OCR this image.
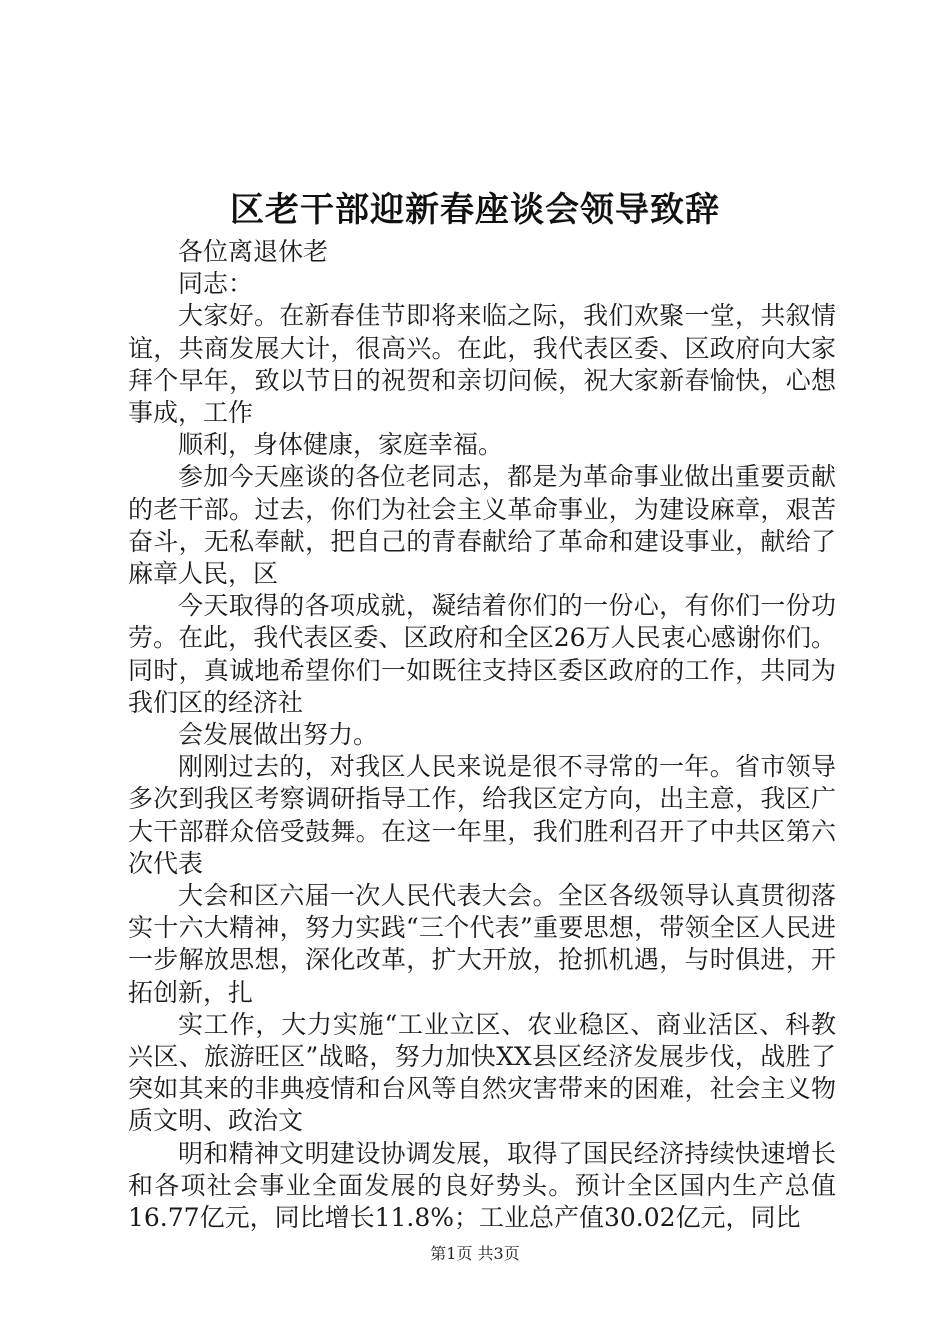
区老干部迎新春座谈会领导致辞

各位离退休老

同志：

大家好。在新春佳节即将来临之际，我们欢聚一堂，共叙情谊，共商发展大计，很高兴。在此，我代表区委、区政府向大家拜个早年，致以节日的祝贺和亲切问候，祝大家新春愉快，心想事成，工作

顺利，身体健康，家庭幸福。

参加今天座谈的各位老同志，都是为革命事业做出重要贡献的老干部。过去，你们为社会主义革命事业，为建设麻章，艰苦奋斗，无私奉献，把自己的青春献给了革命和建设事业，献给了麻章人民，区

今天取得的各项成就，凝结着你们的一份心，有你们一份功劳。在此，我代表区委、区政府和全区26万人民衷心感谢你们。同时，真诚地希望你们一如既往支持区委区政府的工作，共同为我们区的经济社

会发展做出努力。

刚刚过去的，对我区人民来说是很不寻常的一年。省市领导多次到我区考察调研指导工作，给我区定方向，出主意，我区广大干部群众倍受鼓舞。在这一年里，我们胜利召开了中共区第六次代表

大会和区六届一次人民代表大会。全区各级领导认真贯彻落实十六大精神，努力实践“三个代表”重要思想，带领全区人民进一步解放思想，深化改革，扩大开放，抢抓机遇，与时俱进，开拓创新，扎

实工作，大力实施“工业立区、农业稳区、商业活区、科教兴区、旅游旺区”战略，努力加快XX县区经济发展步伐，战胜了突如其来的非典疫情和台风等自然灾害带来的困难，社会主义物质文明、政治文

明和精神文明建设协调发展，取得了国民经济持续快速增长和各项社会事业全面发展的良好势头。预计全区国内生产总值16.77亿元，同比增长11.8%；工业总产值30.02亿元，同比

第1页 共3页
